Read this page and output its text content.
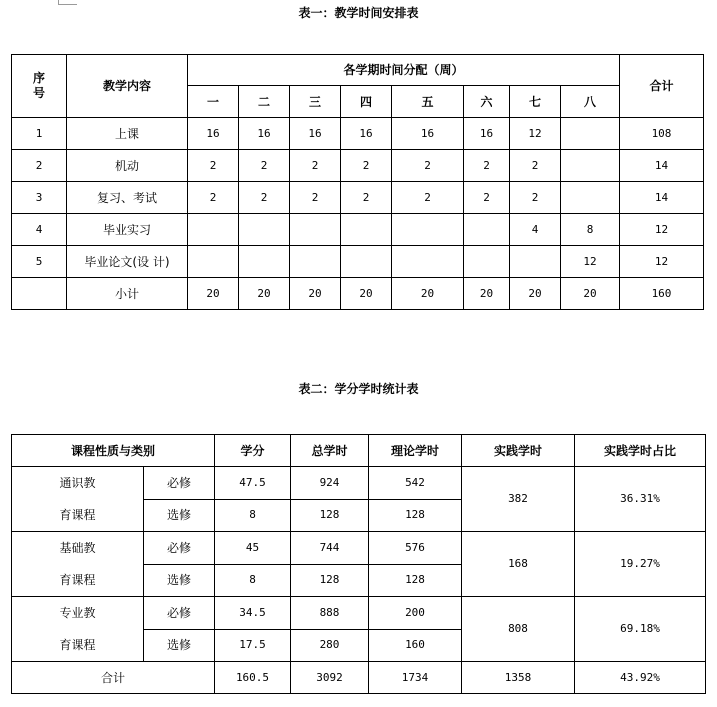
表一：教学时间安排表
序号	教学内容	各学期时间分配（周）								合计
		一	二	三	四	五	六	七	八	
1	上课	16	16	16	16	16	16	12		108
2	机动	2	2	2	2	2	2	2		14
3	复习、考试	2	2	2	2	2	2	2		14
4	毕业实习							4	8	12
5	毕业论文(设 计)								12	12
	小计	20	20	20	20	20	20	20	20	160
表二：学分学时统计表
课程性质与类别		学分	总学时	理论学时	实践学时	实践学时占比

通识教
育课程	必修	47.5	924	542	382	36.31%
	选修	8	128	128		

基础教
育课程	必修	45	744	576	168	19.27%
	选修	8	128	128		

专业教
育课程	必修	34.5	888	200	808	69.18%
	选修	17.5	280	160		
合计		160.5	3092	1734	1358	43.92%
